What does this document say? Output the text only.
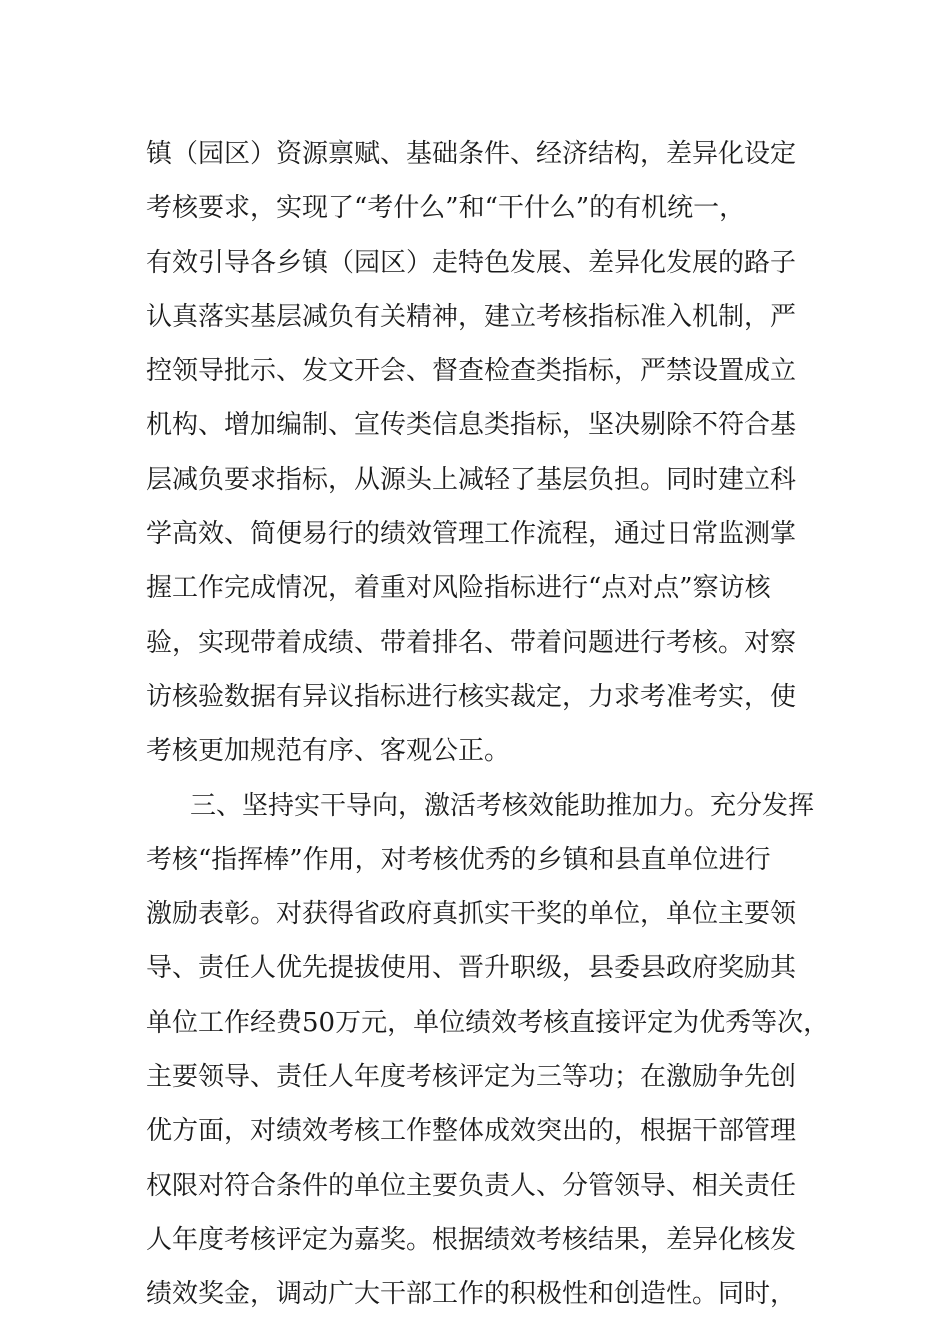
镇（园区）资源禀赋、基础条件、经济结构，差异化设定
考核要求，实现了“考什么”和“干什么”的有机统一，
有效引导各乡镇（园区）走特色发展、差异化发展的路子
认真落实基层减负有关精神，建立考核指标准入机制，严
控领导批示、发文开会、督查检查类指标，严禁设置成立
机构、增加编制、宣传类信息类指标，坚决剔除不符合基
层减负要求指标，从源头上减轻了基层负担。同时建立科
学高效、简便易行的绩效管理工作流程，通过日常监测掌
握工作完成情况，着重对风险指标进行“点对点”察访核
验，实现带着成绩、带着排名、带着问题进行考核。对察
访核验数据有异议指标进行核实裁定，力求考准考实，使
考核更加规范有序、客观公正。
三、坚持实干导向，激活考核效能助推加力。充分发挥
考核“指挥棒”作用，对考核优秀的乡镇和县直单位进行
激励表彰。对获得省政府真抓实干奖的单位，单位主要领
导、责任人优先提拔使用、晋升职级，县委县政府奖励其
单位工作经费50万元，单位绩效考核直接评定为优秀等次，
主要领导、责任人年度考核评定为三等功；在激励争先创
优方面，对绩效考核工作整体成效突出的，根据干部管理
权限对符合条件的单位主要负责人、分管领导、相关责任
人年度考核评定为嘉奖。根据绩效考核结果，差异化核发
绩效奖金，调动广大干部工作的积极性和创造性。同时，
